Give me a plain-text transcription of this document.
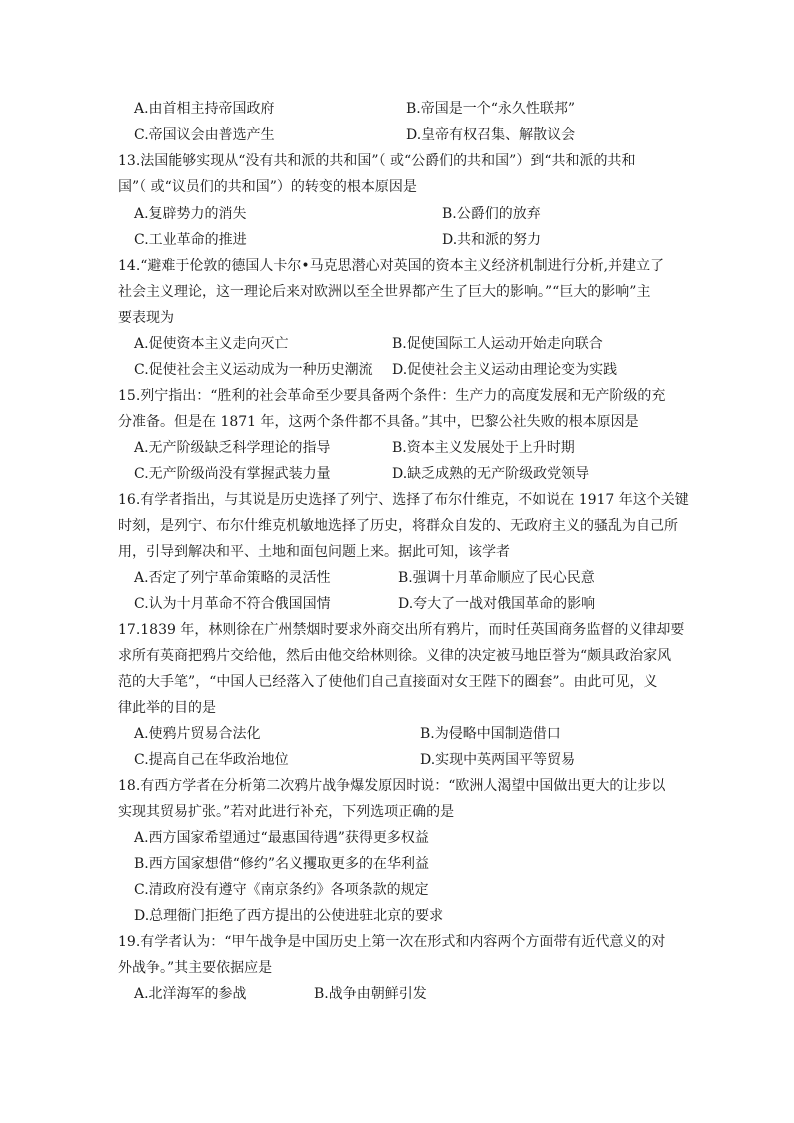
A.由首相主持帝国政府	B.帝国是一个“永久性联邦”
C.帝国议会由普选产生	D.皇帝有权召集、解散议会
13.法国能够实现从“没有共和派的共和国”（ 或“公爵们的共和国”）到“共和派的共和
国”（ 或“议员们的共和国”）的转变的根本原因是
A.复辟势力的消失	B.公爵们的放弃
C.工业革命的推进	D.共和派的努力
14.“避难于伦敦的德国人卡尔•马克思潜心对英国的资本主义经济机制进行分析,并建立了
社会主义理论，这一理论后来对欧洲以至全世界都产生了巨大的影响。”“巨大的影响”主
要表现为
A.促使资本主义走向灭亡	B.促使国际工人运动开始走向联合
C.促使社会主义运动成为一种历史潮流 D.促使社会主义运动由理论变为实践
15.列宁指出：“胜利的社会革命至少要具备两个条件：生产力的高度发展和无产阶级的充
分准备。但是在 1871 年，这两个条件都不具备。”其中，巴黎公社失败的根本原因是
A.无产阶级缺乏科学理论的指导	B.资本主义发展处于上升时期
C.无产阶级尚没有掌握武装力量	D.缺乏成熟的无产阶级政党领导
16.有学者指出，与其说是历史选择了列宁、选择了布尔什维克，不如说在 1917 年这个关键
时刻，是列宁、布尔什维克机敏地选择了历史，将群众自发的、无政府主义的骚乱为自己所
用，引导到解决和平、土地和面包问题上来。据此可知，该学者
A.否定了列宁革命策略的灵活性	B.强调十月革命顺应了民心民意
C.认为十月革命不符合俄国国情	D.夸大了一战对俄国革命的影响
17.1839 年，林则徐在广州禁烟时要求外商交出所有鸦片，而时任英国商务监督的义律却要
求所有英商把鸦片交给他，然后由他交给林则徐。义律的决定被马地臣誉为“颇具政治家风
范的大手笔”，“中国人已经落入了使他们自己直接面对女王陛下的圈套”。由此可见，义
律此举的目的是
A.使鸦片贸易合法化	B.为侵略中国制造借口
C.提高自己在华政治地位	D.实现中英两国平等贸易
18.有西方学者在分析第二次鸦片战争爆发原因时说：“欧洲人渴望中国做出更大的让步以
实现其贸易扩张。”若对此进行补充，下列选项正确的是
A.西方国家希望通过“最惠国待遇”获得更多权益
B.西方国家想借“修约”名义攫取更多的在华利益
C.清政府没有遵守《南京条约》各项条款的规定
D.总理衙门拒绝了西方提出的公使进驻北京的要求
19.有学者认为：“甲午战争是中国历史上第一次在形式和内容两个方面带有近代意义的对
外战争。”其主要依据应是
A.北洋海军的参战	B.战争由朝鲜引发
